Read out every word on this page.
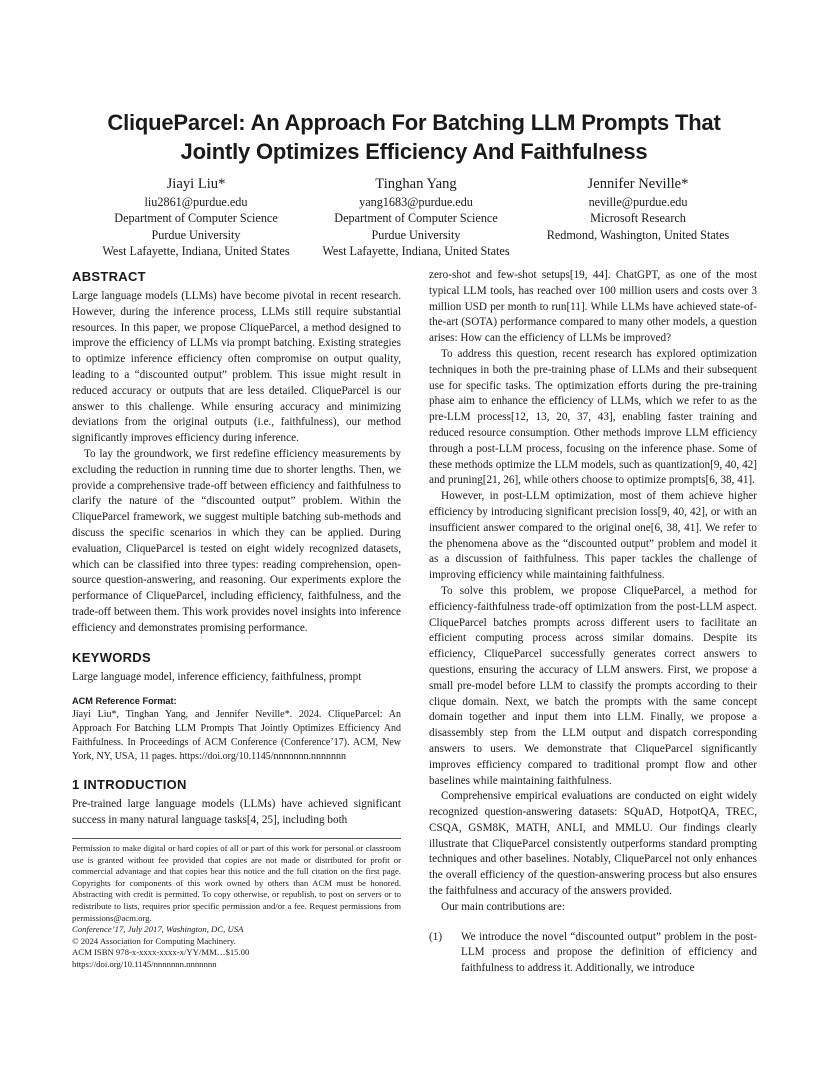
CliqueParcel: An Approach For Batching LLM Prompts That
Jointly Optimizes Efficiency And Faithfulness
Jiayi Liu*
liu2861@purdue.edu
Department of Computer Science
Purdue University
West Lafayette, Indiana, United States
Tinghan Yang
yang1683@purdue.edu
Department of Computer Science
Purdue University
West Lafayette, Indiana, United States
Jennifer Neville*
neville@purdue.edu
Microsoft Research
Redmond, Washington, United States
ABSTRACT

Large language models (LLMs) have become pivotal in recent research. However, during the inference process, LLMs still require substantial resources. In this paper, we propose CliqueParcel, a method designed to improve the efficiency of LLMs via prompt batching. Existing strategies to optimize inference efficiency often compromise on output quality, leading to a “discounted output” problem. This issue might result in reduced accuracy or outputs that are less detailed. CliqueParcel is our answer to this challenge. While ensuring accuracy and minimizing deviations from the original outputs (i.e., faithfulness), our method significantly improves efficiency during inference.

To lay the groundwork, we first redefine efficiency measurements by excluding the reduction in running time due to shorter lengths. Then, we provide a comprehensive trade-off between efficiency and faithfulness to clarify the nature of the “discounted output” problem. Within the CliqueParcel framework, we suggest multiple batching sub-methods and discuss the specific scenarios in which they can be applied. During evaluation, CliqueParcel is tested on eight widely recognized datasets, which can be classified into three types: reading comprehension, open-source question-answering, and reasoning. Our experiments explore the performance of CliqueParcel, including efficiency, faithfulness, and the trade-off between them. This work provides novel insights into inference efficiency and demonstrates promising performance.

KEYWORDS

Large language model, inference efficiency, faithfulness, prompt

ACM Reference Format:
Jiayi Liu*, Tinghan Yang, and Jennifer Neville*. 2024. CliqueParcel: An Approach For Batching LLM Prompts That Jointly Optimizes Efficiency And Faithfulness. In Proceedings of ACM Conference (Conference’17). ACM, New York, NY, USA, 11 pages. https://doi.org/10.1145/nnnnnnn.nnnnnnn
1 INTRODUCTION

Pre-trained large language models (LLMs) have achieved significant success in many natural language tasks[4, 25], including both

Permission to make digital or hard copies of all or part of this work for personal or classroom use is granted without fee provided that copies are not made or distributed for profit or commercial advantage and that copies bear this notice and the full citation on the first page. Copyrights for components of this work owned by others than ACM must be honored. Abstracting with credit is permitted. To copy otherwise, or republish, to post on servers or to redistribute to lists, requires prior specific permission and/or a fee. Request permissions from permissions@acm.org.
Conference’17, July 2017, Washington, DC, USA
© 2024 Association for Computing Machinery.
ACM ISBN 978-x-xxxx-xxxx-x/YY/MM…$15.00
https://doi.org/10.1145/nnnnnnn.nnnnnnn

zero-shot and few-shot setups[19, 44]. ChatGPT, as one of the most typical LLM tools, has reached over 100 million users and costs over 3 million USD per month to run[11]. While LLMs have achieved state-of-the-art (SOTA) performance compared to many other models, a question arises: How can the efficiency of LLMs be improved?

To address this question, recent research has explored optimization techniques in both the pre-training phase of LLMs and their subsequent use for specific tasks. The optimization efforts during the pre-training phase aim to enhance the efficiency of LLMs, which we refer to as the pre-LLM process[12, 13, 20, 37, 43], enabling faster training and reduced resource consumption. Other methods improve LLM efficiency through a post-LLM process, focusing on the inference phase. Some of these methods optimize the LLM models, such as quantization[9, 40, 42] and pruning[21, 26], while others choose to optimize prompts[6, 38, 41].

However, in post-LLM optimization, most of them achieve higher efficiency by introducing significant precision loss[9, 40, 42], or with an insufficient answer compared to the original one[6, 38, 41]. We refer to the phenomena above as the “discounted output” problem and model it as a discussion of faithfulness. This paper tackles the challenge of improving efficiency while maintaining faithfulness.

To solve this problem, we propose CliqueParcel, a method for efficiency-faithfulness trade-off optimization from the post-LLM aspect. CliqueParcel batches prompts across different users to facilitate an efficient computing process across similar domains. Despite its efficiency, CliqueParcel successfully generates correct answers to questions, ensuring the accuracy of LLM answers. First, we propose a small pre-model before LLM to classify the prompts according to their clique domain. Next, we batch the prompts with the same concept domain together and input them into LLM. Finally, we propose a disassembly step from the LLM output and dispatch corresponding answers to users. We demonstrate that CliqueParcel significantly improves efficiency compared to traditional prompt flow and other baselines while maintaining faithfulness.

Comprehensive empirical evaluations are conducted on eight widely recognized question-answering datasets: SQuAD, HotpotQA, TREC, CSQA, GSM8K, MATH, ANLI, and MMLU. Our findings clearly illustrate that CliqueParcel consistently outperforms standard prompting techniques and other baselines. Notably, CliqueParcel not only enhances the overall efficiency of the question-answering process but also ensures the faithfulness and accuracy of the answers provided.

Our main contributions are:

(1)	We introduce the novel “discounted output” problem in the post-LLM process and propose the definition of efficiency and faithfulness to address it. Additionally, we introduce
